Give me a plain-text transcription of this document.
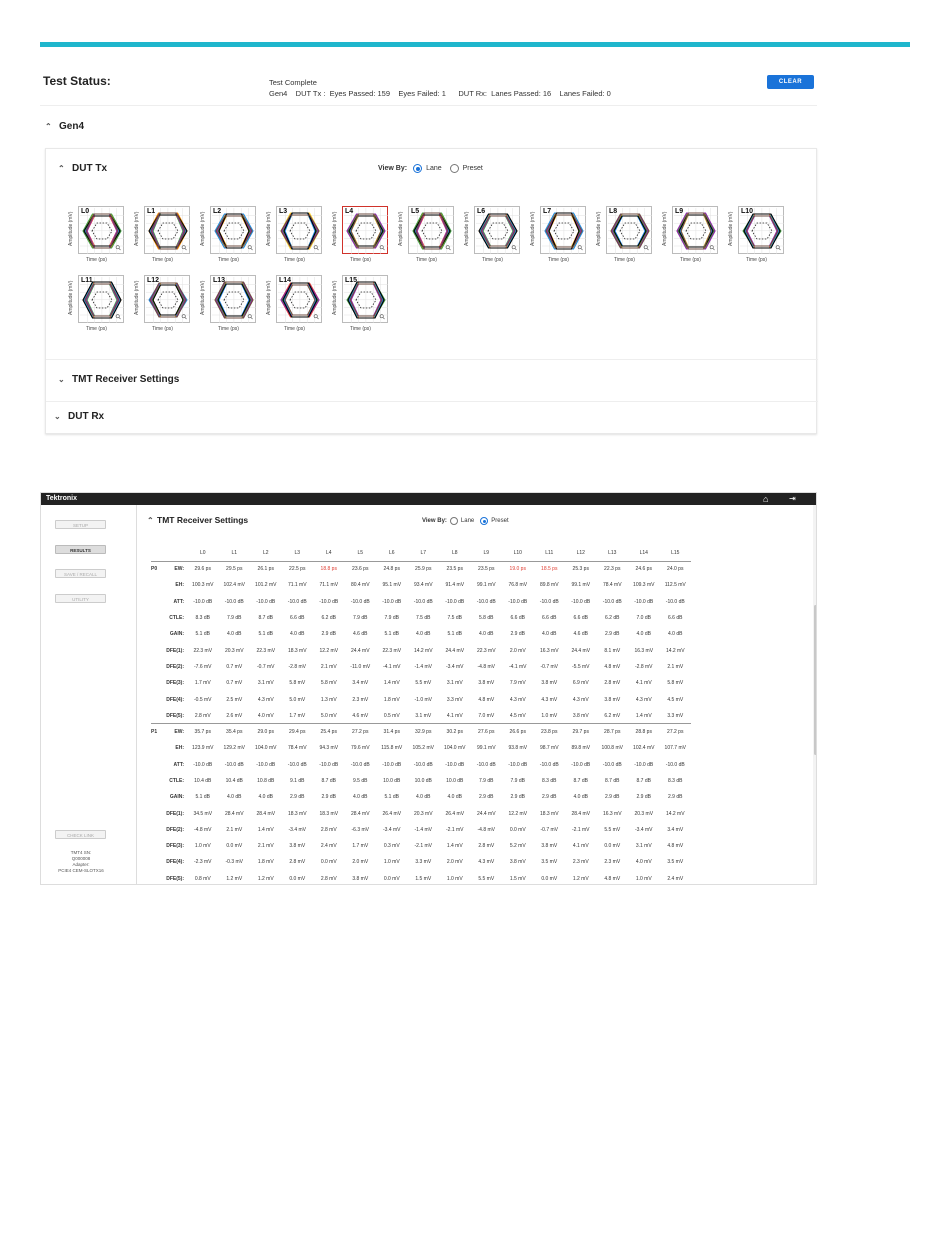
Test Status:	Test Complete
Gen4    DUT Tx :  Eyes Passed: 159    Eyes Failed: 1      DUT Rx:  Lanes Passed: 16    Lanes Failed: 0
CLEAR
⌃ Gen4
⌃ DUT Tx	View By:	Lane	Preset
Amplitude (mV)
L0
⚲
Time (ps)
Amplitude (mV)
L1
⚲
Time (ps)
Amplitude (mV)
L2
⚲
Time (ps)
Amplitude (mV)
L3
⚲
Time (ps)
Amplitude (mV)
L4
⚲
Time (ps)
Amplitude (mV)
L5
⚲
Time (ps)
Amplitude (mV)
L6
⚲
Time (ps)
Amplitude (mV)
L7
⚲
Time (ps)
Amplitude (mV)
L8
⚲
Time (ps)
Amplitude (mV)
L9
⚲
Time (ps)
Amplitude (mV)
L10
⚲
Time (ps)
Amplitude (mV)
L11
⚲
Time (ps)
Amplitude (mV)
L12
⚲
Time (ps)
Amplitude (mV)
L13
⚲
Time (ps)
Amplitude (mV)
L14
⚲
Time (ps)
Amplitude (mV)
L15
⚲
Time (ps)
⌄ TMT Receiver Settings
⌄ DUT Rx
Tektronix	⌂	⇥
SETUP
RESULTS
SAVE / RECALL
UTILITY
CHECK LINK
TMT4 SN:
Q000008
Adapter:
PCIE4 CEM-SLOTX16
⌃ TMT Receiver Settings	View By: Lane	Preset
		L0	L1	L2	L3	L4	L5	L6	L7	L8	L9	L10	L11	L12	L13	L14	L15
P0	EW:	29.6 ps	29.5 ps	26.1 ps	22.5 ps	18.8 ps	23.6 ps	24.8 ps	25.9 ps	23.5 ps	23.5 ps	19.0 ps	18.5 ps	25.3 ps	22.3 ps	24.6 ps	24.0 ps
	EH:	100.3 mV	102.4 mV	101.2 mV	71.1 mV	71.1 mV	80.4 mV	95.1 mV	93.4 mV	91.4 mV	99.1 mV	76.8 mV	89.8 mV	99.1 mV	78.4 mV	109.3 mV	112.5 mV
	ATT:	-10.0 dB	-10.0 dB	-10.0 dB	-10.0 dB	-10.0 dB	-10.0 dB	-10.0 dB	-10.0 dB	-10.0 dB	-10.0 dB	-10.0 dB	-10.0 dB	-10.0 dB	-10.0 dB	-10.0 dB	-10.0 dB
	CTLE:	8.3 dB	7.9 dB	8.7 dB	6.6 dB	6.2 dB	7.9 dB	7.9 dB	7.5 dB	7.5 dB	5.8 dB	6.6 dB	6.6 dB	6.6 dB	6.2 dB	7.0 dB	6.6 dB
	GAIN:	5.1 dB	4.0 dB	5.1 dB	4.0 dB	2.9 dB	4.6 dB	5.1 dB	4.0 dB	5.1 dB	4.0 dB	2.9 dB	4.0 dB	4.6 dB	2.9 dB	4.0 dB	4.0 dB
	DFE(1):	22.3 mV	20.3 mV	22.3 mV	18.3 mV	12.2 mV	24.4 mV	22.3 mV	14.2 mV	24.4 mV	22.3 mV	2.0 mV	16.3 mV	24.4 mV	8.1 mV	16.3 mV	14.2 mV
	DFE(2):	-7.6 mV	0.7 mV	-0.7 mV	-2.8 mV	2.1 mV	-11.0 mV	-4.1 mV	-1.4 mV	-3.4 mV	-4.8 mV	-4.1 mV	-0.7 mV	-5.5 mV	4.8 mV	-2.8 mV	2.1 mV
	DFE(3):	1.7 mV	0.7 mV	3.1 mV	5.8 mV	5.8 mV	3.4 mV	1.4 mV	5.5 mV	3.1 mV	3.8 mV	7.9 mV	3.8 mV	6.9 mV	2.8 mV	4.1 mV	5.8 mV
	DFE(4):	-0.5 mV	2.5 mV	4.3 mV	5.0 mV	1.3 mV	2.3 mV	1.8 mV	-1.0 mV	3.3 mV	4.8 mV	4.3 mV	4.3 mV	4.3 mV	3.8 mV	4.3 mV	4.5 mV
	DFE(5):	2.8 mV	2.6 mV	4.0 mV	1.7 mV	5.0 mV	4.6 mV	0.5 mV	3.1 mV	4.1 mV	7.0 mV	4.5 mV	1.0 mV	3.8 mV	6.2 mV	1.4 mV	3.3 mV
P1	EW:	35.7 ps	35.4 ps	29.0 ps	29.4 ps	25.4 ps	27.2 ps	31.4 ps	32.9 ps	30.2 ps	27.6 ps	26.6 ps	23.8 ps	29.7 ps	28.7 ps	28.8 ps	27.2 ps
	EH:	123.9 mV	129.2 mV	104.0 mV	78.4 mV	94.3 mV	79.6 mV	115.8 mV	105.2 mV	104.0 mV	99.1 mV	93.8 mV	98.7 mV	89.8 mV	100.8 mV	102.4 mV	107.7 mV
	ATT:	-10.0 dB	-10.0 dB	-10.0 dB	-10.0 dB	-10.0 dB	-10.0 dB	-10.0 dB	-10.0 dB	-10.0 dB	-10.0 dB	-10.0 dB	-10.0 dB	-10.0 dB	-10.0 dB	-10.0 dB	-10.0 dB
	CTLE:	10.4 dB	10.4 dB	10.8 dB	9.1 dB	8.7 dB	9.5 dB	10.0 dB	10.0 dB	10.0 dB	7.9 dB	7.9 dB	8.3 dB	8.7 dB	8.7 dB	8.7 dB	8.3 dB
	GAIN:	5.1 dB	4.0 dB	4.0 dB	2.9 dB	2.9 dB	4.0 dB	5.1 dB	4.0 dB	4.0 dB	2.9 dB	2.9 dB	2.9 dB	4.0 dB	2.9 dB	2.9 dB	2.9 dB
	DFE(1):	34.5 mV	28.4 mV	28.4 mV	18.3 mV	18.3 mV	28.4 mV	26.4 mV	20.3 mV	26.4 mV	24.4 mV	12.2 mV	18.3 mV	28.4 mV	16.3 mV	20.3 mV	14.2 mV
	DFE(2):	-4.8 mV	2.1 mV	1.4 mV	-3.4 mV	2.8 mV	-6.3 mV	-3.4 mV	-1.4 mV	-2.1 mV	-4.8 mV	0.0 mV	-0.7 mV	-2.1 mV	5.5 mV	-3.4 mV	3.4 mV
	DFE(3):	1.0 mV	0.0 mV	2.1 mV	3.8 mV	2.4 mV	1.7 mV	0.3 mV	-2.1 mV	1.4 mV	2.8 mV	5.2 mV	3.8 mV	4.1 mV	0.0 mV	3.1 mV	4.8 mV
	DFE(4):	-2.3 mV	-0.3 mV	1.8 mV	2.8 mV	0.0 mV	2.0 mV	1.0 mV	3.3 mV	2.0 mV	4.3 mV	3.8 mV	3.5 mV	2.3 mV	2.3 mV	4.0 mV	3.5 mV
	DFE(5):	0.8 mV	1.2 mV	1.2 mV	0.0 mV	2.8 mV	3.8 mV	0.0 mV	1.5 mV	1.0 mV	5.5 mV	1.5 mV	0.0 mV	1.2 mV	4.8 mV	1.0 mV	2.4 mV
